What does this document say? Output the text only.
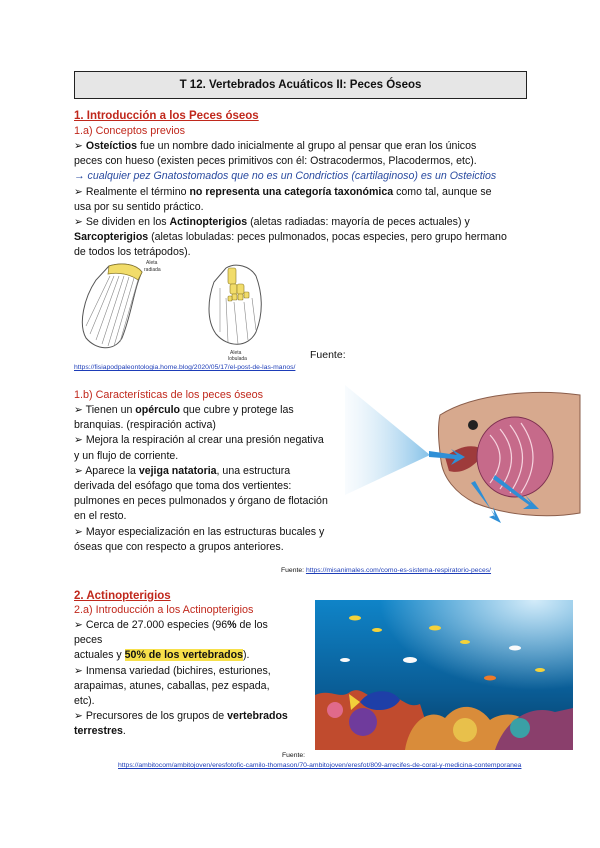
T 12. Vertebrados Acuáticos II: Peces Óseos
1. Introducción a los Peces óseos
1.a) Conceptos previos
➢ Osteíctios fue un nombre dado inicialmente al grupo al pensar que eran los únicos
peces con hueso (existen peces primitivos con él: Ostracodermos, Placodermos, etc).
→ cualquier pez Gnatostomados que no es un Condrictios (cartilaginoso) es un Osteictios
➢ Realmente el término no representa una categoría taxonómica como tal, aunque se
usa por su sentido práctico.
➢ Se dividen en los Actinopterigios (aletas radiadas: mayoría de peces actuales) y
Sarcopterigios (aletas lobuladas: peces pulmonados, pocas especies, pero grupo hermano
de todos los tetrápodos).
Aleta
radiada
Aleta
lobulada	Fuente:
https://fisiapodpaleontologia.home.blog/2020/05/17/el-post-de-las-manos/
1.b) Características de los peces óseos
➢ Tienen un opérculo que cubre y protege las
branquias. (respiración activa)
➢ Mejora la respiración al crear una presión negativa
y un flujo de corriente.
➢ Aparece la vejiga natatoria, una estructura
derivada del esófago que toma dos vertientes:
pulmones en peces pulmonados y órgano de flotación
en el resto.
➢ Mayor especialización en las estructuras bucales y
óseas que con respecto a grupos anteriores.
Fuente: https://misanimales.com/como-es-sistema-respiratorio-peces/
2. Actinopterigios
2.a) Introducción a los Actinopterigios
➢ Cerca de 27.000 especies (96% de los
peces
actuales y 50% de los vertebrados).
➢ Inmensa variedad (bichires, esturiones,
arapaimas, atunes, caballas, pez espada,
etc).
➢ Precursores de los grupos de vertebrados
terrestres.
Fuente:
https://ambitocom/ambitojoven/eresfotofic-camilo-thomason/70-ambitojoven/eresfot/809-arrecifes-de-coral-y-medicina-contemporanea
